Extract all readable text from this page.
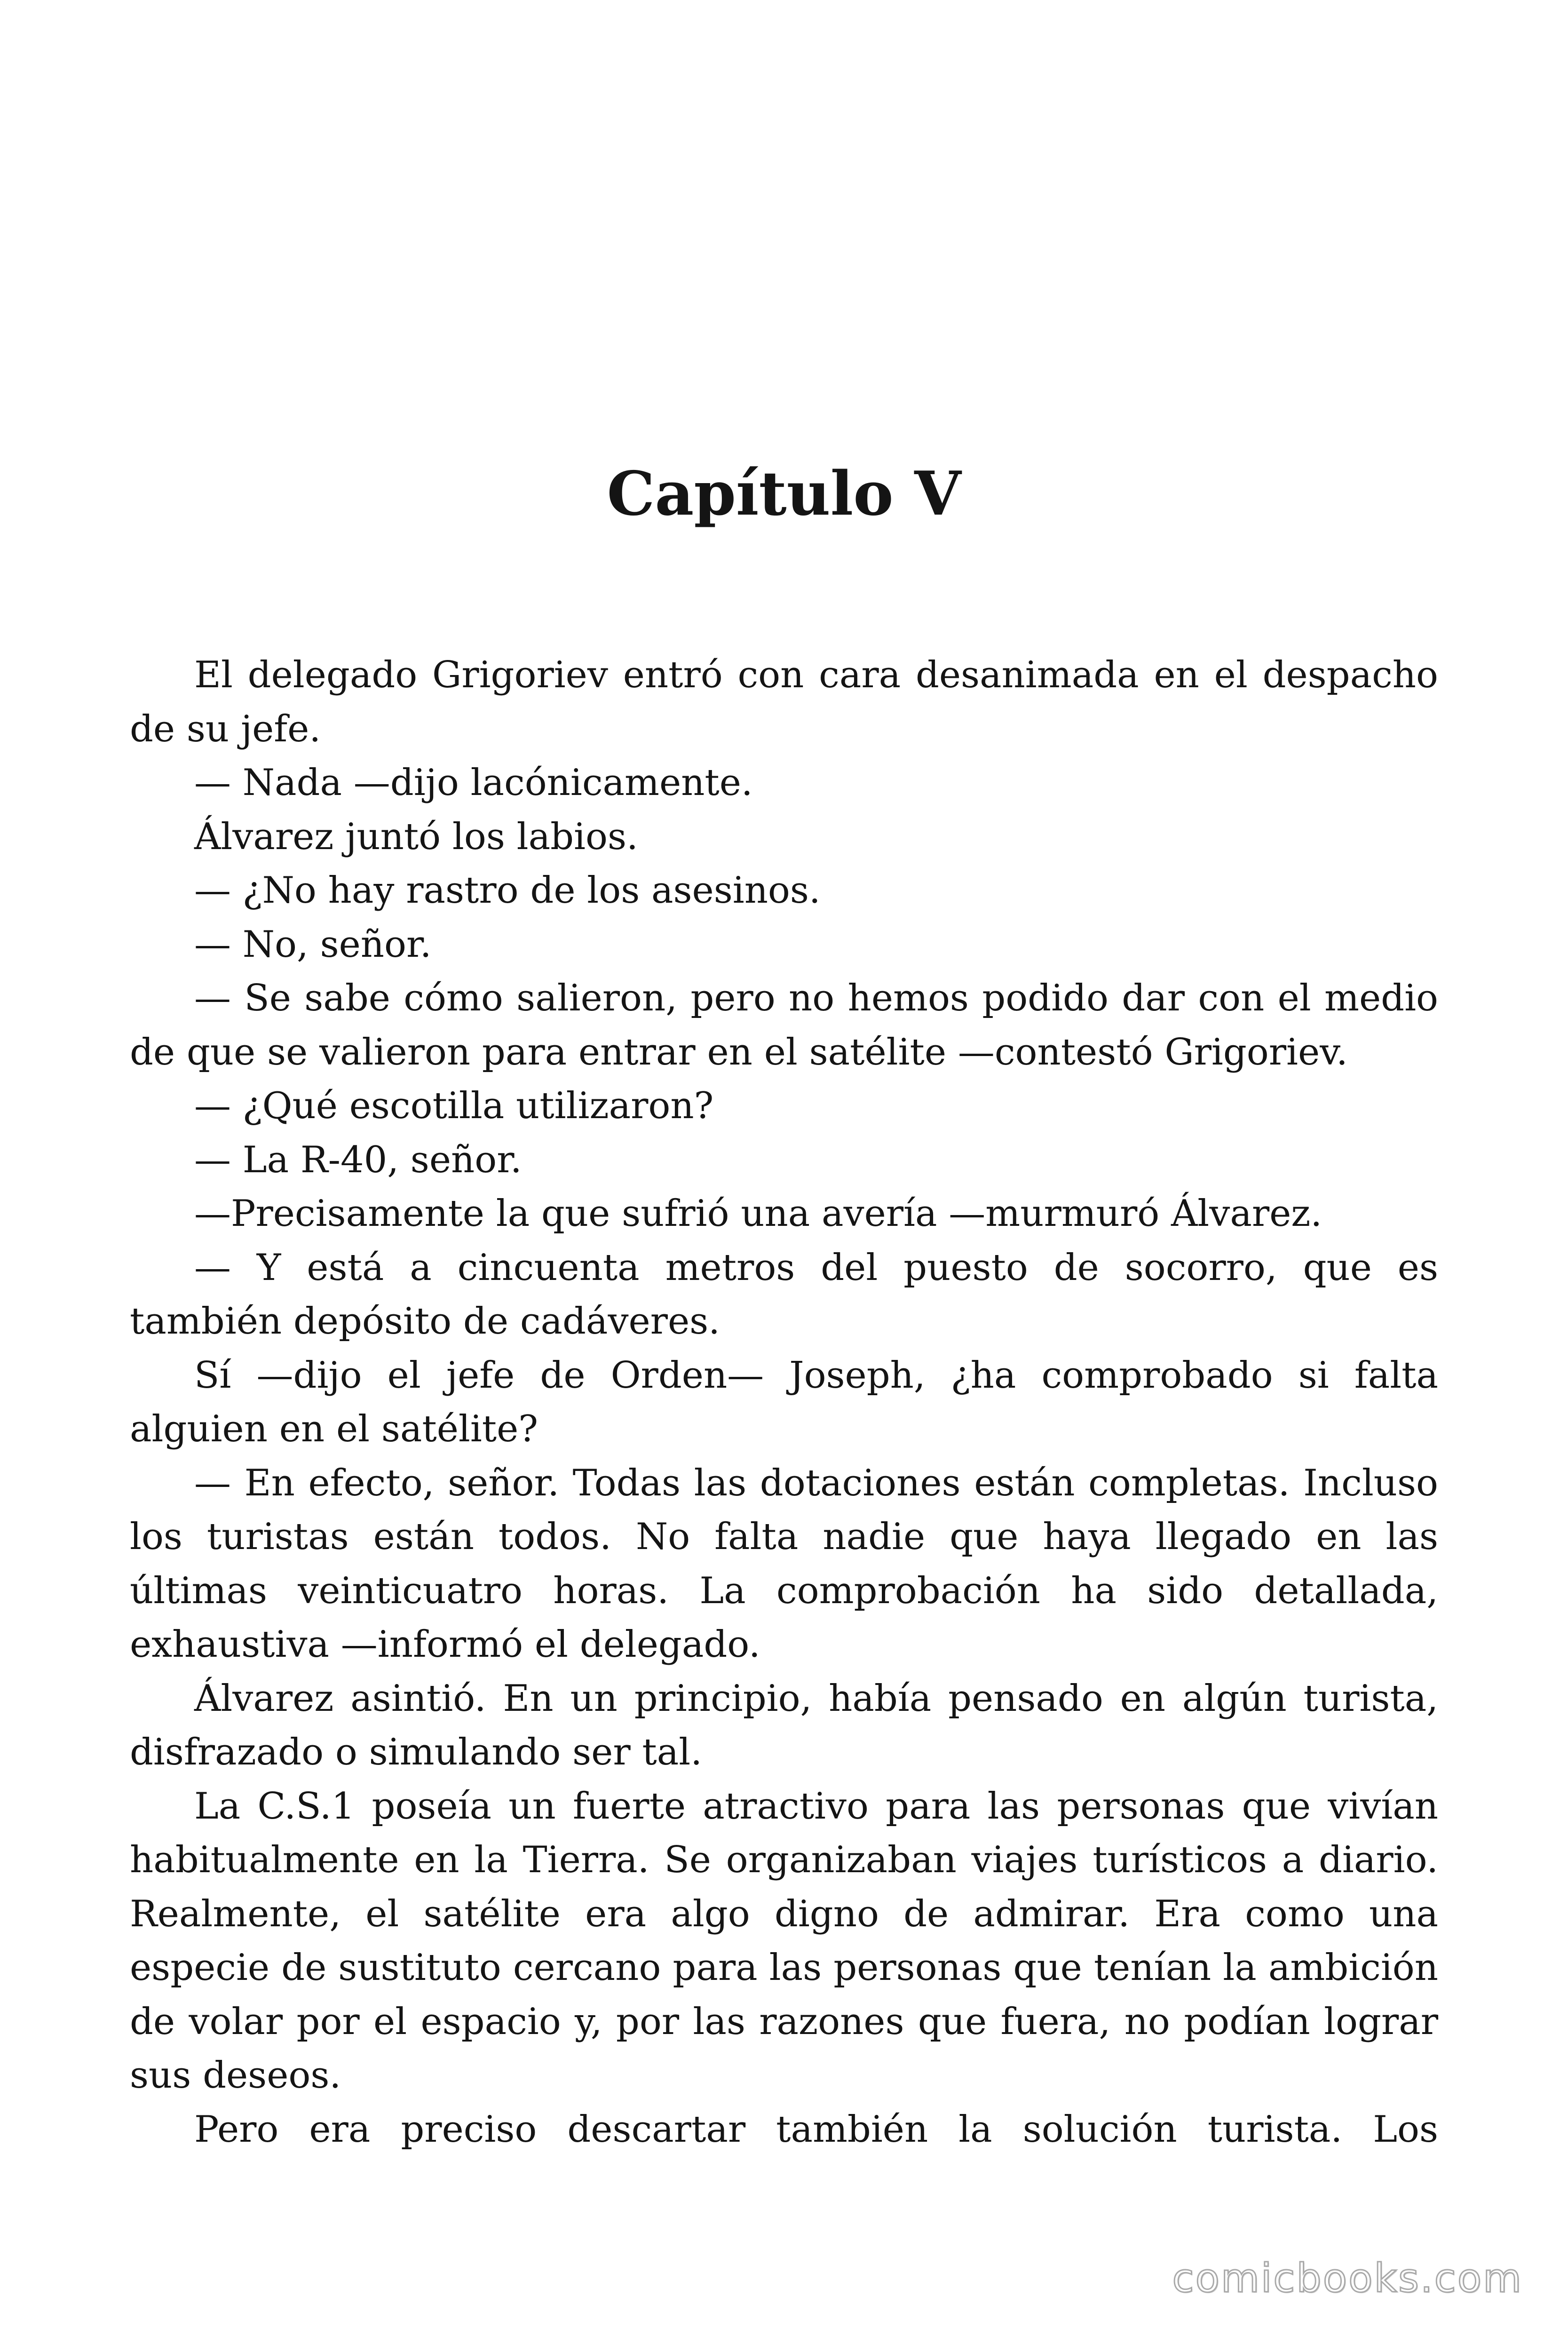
Capítulo V

El delegado Grigoriev entró con cara desanimada en el despacho de su jefe.

— Nada —dijo lacónicamente.

Álvarez juntó los labios.

— ¿No hay rastro de los asesinos.

— No, señor.

— Se sabe cómo salieron, pero no hemos podido dar con el medio de que se valieron para entrar en el satélite —contestó Grigoriev.

— ¿Qué escotilla utilizaron?

— La R-40, señor.

—Precisamente la que sufrió una avería —murmuró Álvarez.

— Y está a cincuenta metros del puesto de socorro, que es también depósito de cadáveres.

Sí —dijo el jefe de Orden— Joseph, ¿ha comprobado si falta alguien en el satélite?

— En efecto, señor. Todas las dotaciones están completas. Incluso los turistas están todos. No falta nadie que haya llegado en las últimas veinticuatro horas. La comprobación ha sido detallada, exhaustiva —informó el delegado.

Álvarez asintió. En un principio, había pensado en algún turista, disfrazado o simulando ser tal.

La C.S.1 poseía un fuerte atractivo para las personas que vivían habitualmente en la Tierra. Se organizaban viajes turísticos a diario. Realmente, el satélite era algo digno de admirar. Era como una especie de sustituto cercano para las personas que tenían la ambición de volar por el espacio y, por las razones que fuera, no podían lograr sus deseos.

Pero era preciso descartar también la solución turista. Los

comicbooks.com
